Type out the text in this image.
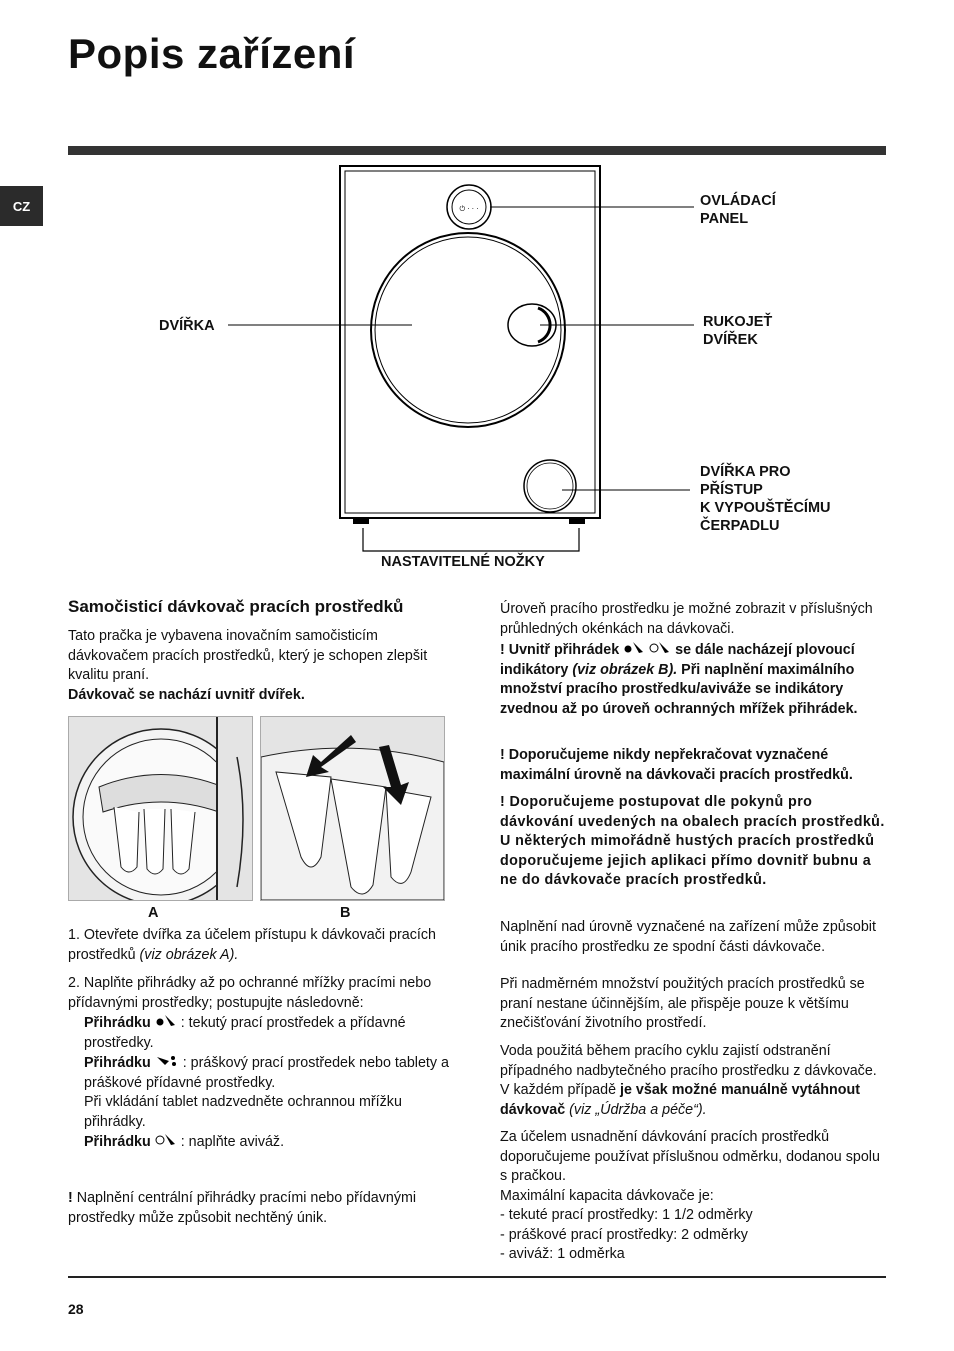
Popis zařízení
CZ	⏻ · · ·	OVLÁDACÍ
PANEL
DVÍŘKA	RUKOJEŤ
DVÍŘEK
DVÍŘKA PRO
PŘÍSTUP
K VYPOUŠTĚCÍMU
ČERPADLU
NASTAVITELNÉ NOŽKY
Samočisticí dávkovač pracích prostředků
Tato pračka je vybavena inovačním samočisticím dávkovačem pracích prostředků, který je schopen zlepšit kvalitu praní.
Dávkovač se nachází uvnitř dvířek.
A	B
1. Otevřete dvířka za účelem přístupu k dávkovači pracích prostředků (viz obrázek A).
2. Naplňte přihrádky až po ochranné mřížky pracími nebo přídavnými prostředky; postupujte následovně:
Přihrádku : tekutý prací prostředek a přídavné prostředky.
Přihrádku : práškový prací prostředek nebo tablety a práškové přídavné prostředky.
Při vkládání tablet nadzvedněte ochrannou mřížku přihrádky.
Přihrádku : naplňte aviváž.
! Naplnění centrální přihrádky pracími nebo přídavnými prostředky může způsobit nechtěný únik.
Úroveň pracího prostředku je možné zobrazit v příslušných průhledných okénkách na dávkovači.
! Uvnitř přihrádek	se dále nacházejí plovoucí indikátory (viz obrázek B). Při naplnění maximálního množství pracího prostředku/aviváže se indikátory zvednou až po úroveň ochranných mřížek přihrádek.
! Doporučujeme nikdy nepřekračovat vyznačené maximální úrovně na dávkovači pracích prostředků.
! Doporučujeme postupovat dle pokynů pro dávkování uvedených na obalech pracích prostředků. U některých mimořádně hustých pracích prostředků doporučujeme jejich aplikaci přímo dovnitř bubnu a ne do dávkovače pracích prostředků.
Naplnění nad úrovně vyznačené na zařízení může způsobit únik pracího prostředku ze spodní části dávkovače.
Při nadměrném množství použitých pracích prostředků se praní nestane účinnějším, ale přispěje pouze k většímu znečišťování životního prostředí.
Voda použitá během pracího cyklu zajistí odstranění případného nadbytečného pracího prostředku z dávkovače. V každém případě je však možné manuálně vytáhnout dávkovač (viz „Údržba a péče“).
Za účelem usnadnění dávkování pracích prostředků doporučujeme používat příslušnou odměrku, dodanou spolu s pračkou.
Maximální kapacita dávkovače je:
- tekuté prací prostředky: 1 1/2 odměrky
- práškové prací prostředky: 2 odměrky
- aviváž: 1 odměrka
28
